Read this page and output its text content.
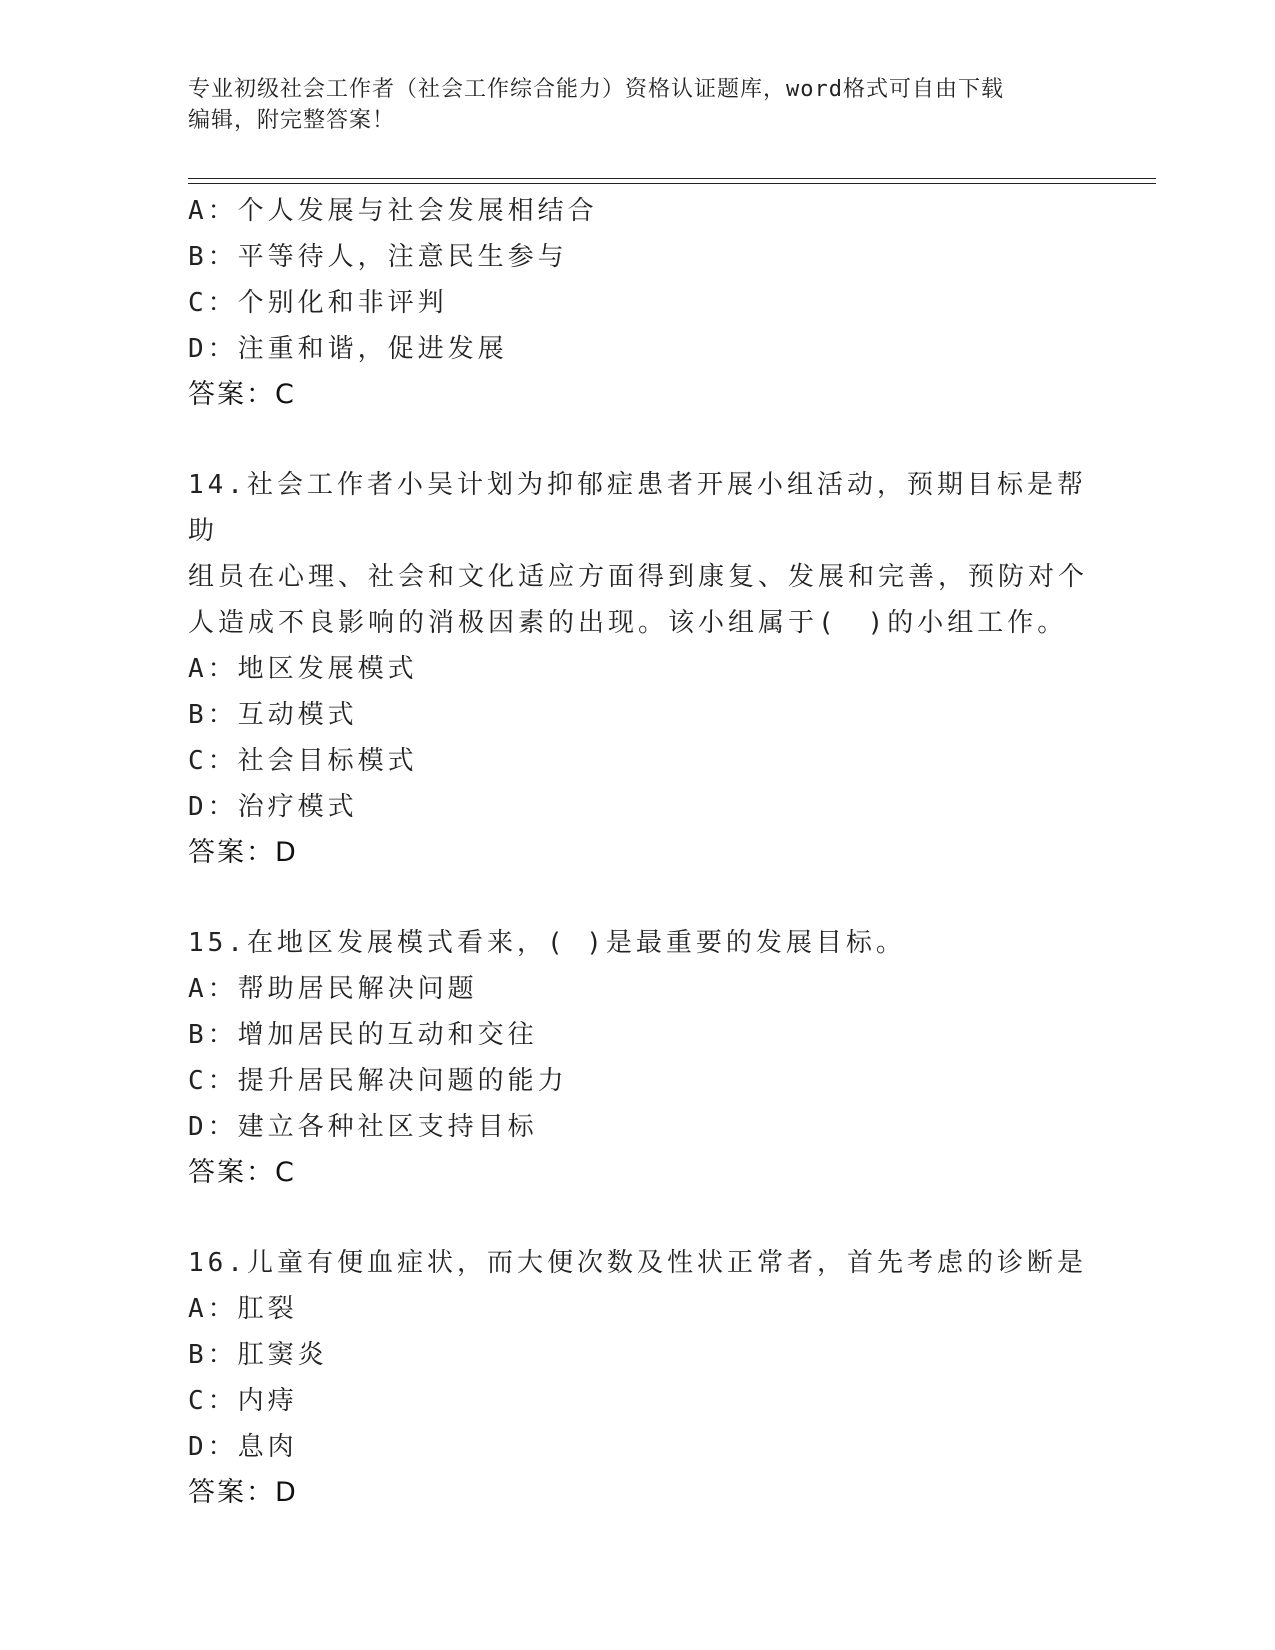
专业初级社会工作者（社会工作综合能力）资格认证题库，word格式可自由下载
编辑，附完整答案！
A：个人发展与社会发展相结合
B：平等待人，注意民生参与
C：个别化和非评判
D：注重和谐，促进发展
答案：C
14.社会工作者小吴计划为抑郁症患者开展小组活动，预期目标是帮助
组员在心理、社会和文化适应方面得到康复、发展和完善，预防对个
人造成不良影响的消极因素的出现。该小组属于(　)的小组工作。
A：地区发展模式
B：互动模式
C：社会目标模式
D：治疗模式
答案：D
15.在地区发展模式看来，( )是最重要的发展目标。
A：帮助居民解决问题
B：增加居民的互动和交往
C：提升居民解决问题的能力
D：建立各种社区支持目标
答案：C
16.儿童有便血症状，而大便次数及性状正常者，首先考虑的诊断是
A：肛裂
B：肛窦炎
C：内痔
D：息肉
答案：D
